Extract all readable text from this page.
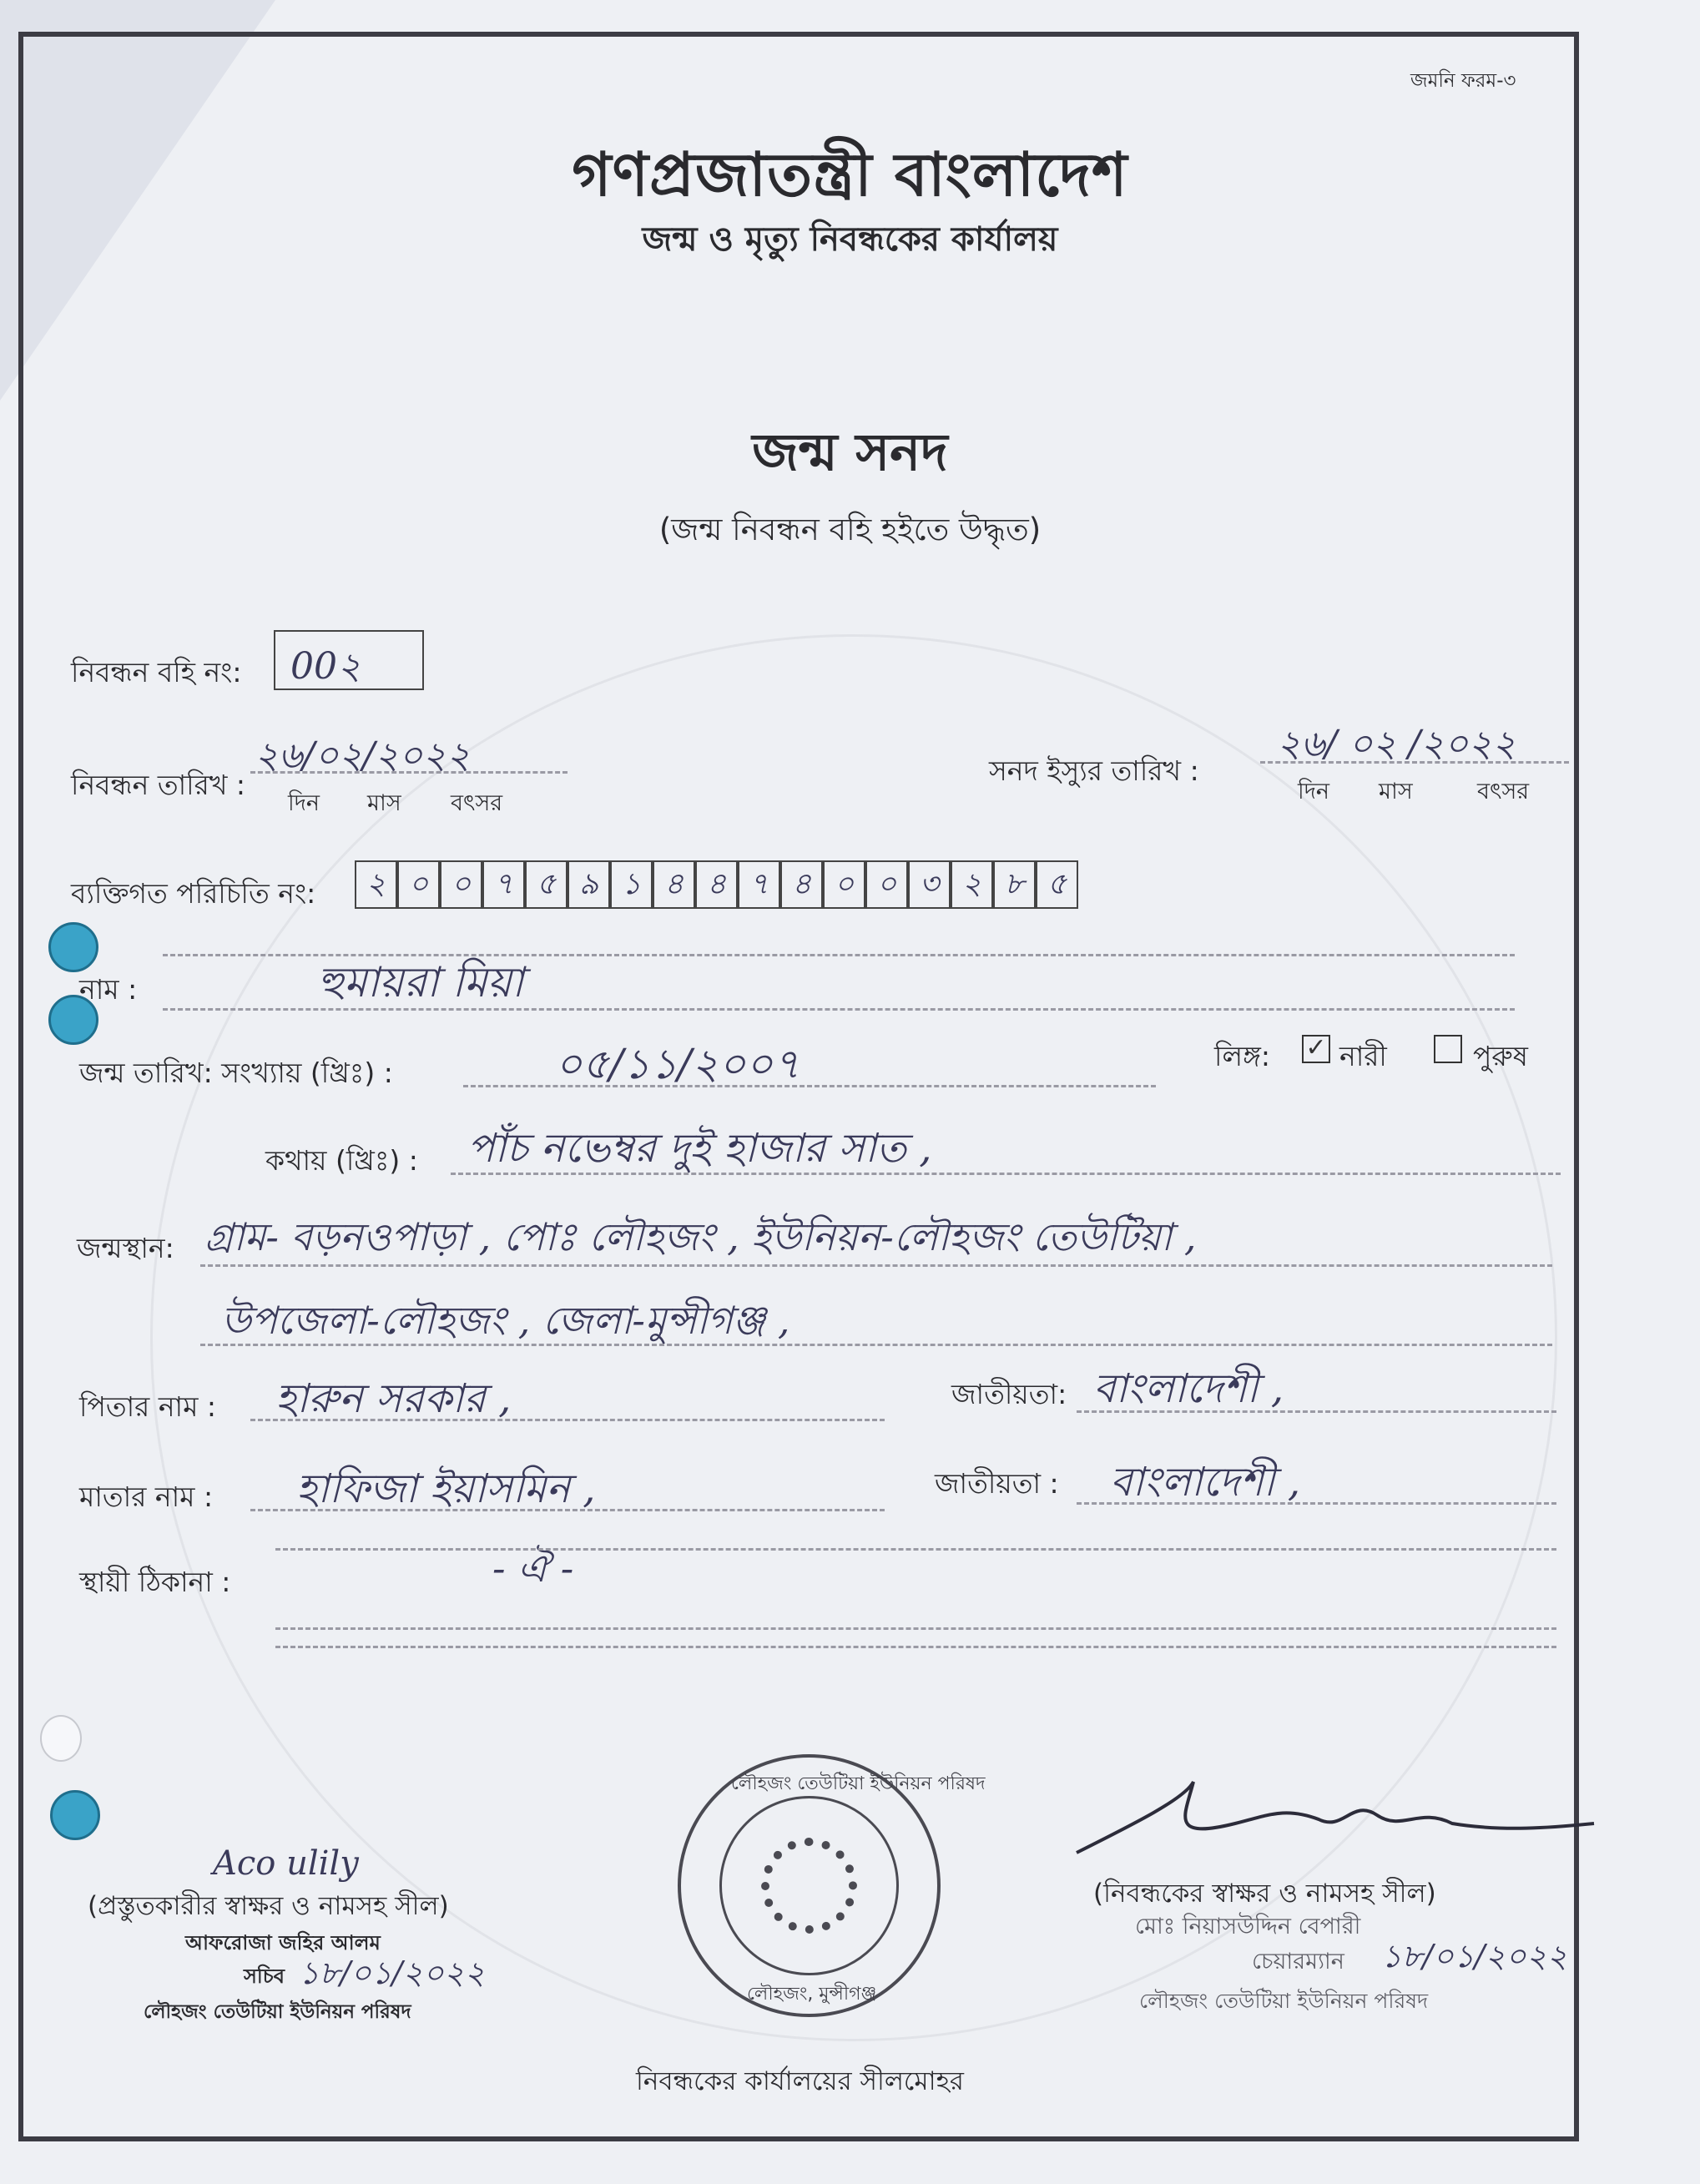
জমনি ফরম-৩
গণপ্রজাতন্ত্রী বাংলাদেশ
জন্ম ও মৃত্যু নিবন্ধকের কার্যালয়
জন্ম সনদ
(জন্ম নিবন্ধন বহি হইতে উদ্ধৃত)
নিবন্ধন বহি নং: 00২
নিবন্ধন তারিখ :
২৬/০২/২০২২
দিন মাস বৎসর
সনদ ইস্যুর তারিখ :
২৬/ ০২ /২০২২
দিন মাস	বৎসর
ব্যক্তিগত পরিচিতি নং:	২ ০ ০ ৭ ৫ ৯ ১ ৪ ৪ ৭ ৪ ০ ০ ৩ ২ ৮ ৫
নাম :	হুমায়রা মিয়া
জন্ম তারিখ: সংখ্যায় (খ্রিঃ) :	০৫/১১/২০০৭	লিঙ্গ: ✓ নারী	পুরুষ
কথায় (খ্রিঃ) : পাঁচ নভেম্বর দুই হাজার সাত ,
জন্মস্থান: গ্রাম- বড়নওপাড়া , পোঃ লৌহজং , ইউনিয়ন-লৌহজং তেউটিয়া ,
উপজেলা-লৌহজং , জেলা-মুন্সীগঞ্জ ,
পিতার নাম : হারুন সরকার ,	জাতীয়তা: বাংলাদেশী ,
মাতার নাম : হাফিজা ইয়াসমিন ,	জাতীয়তা : বাংলাদেশী ,
স্থায়ী ঠিকানা :	- ঐ -
Aco ulily
(প্রস্তুতকারীর স্বাক্ষর ও নামসহ সীল)
আফরোজা জহির আলম
সচিব ১৮/০১/২০২২
লৌহজং তেউটিয়া ইউনিয়ন পরিষদ
লৌহজং তেউটিয়া ইউনিয়ন পরিষদ
লৌহজং, মুন্সীগঞ্জ
নিবন্ধকের কার্যালয়ের সীলমোহর
(নিবন্ধকের স্বাক্ষর ও নামসহ সীল)
মোঃ নিয়াসউদ্দিন বেপারী
চেয়ারম্যান ১৮/০১/২০২২
লৌহজং তেউটিয়া ইউনিয়ন পরিষদ
